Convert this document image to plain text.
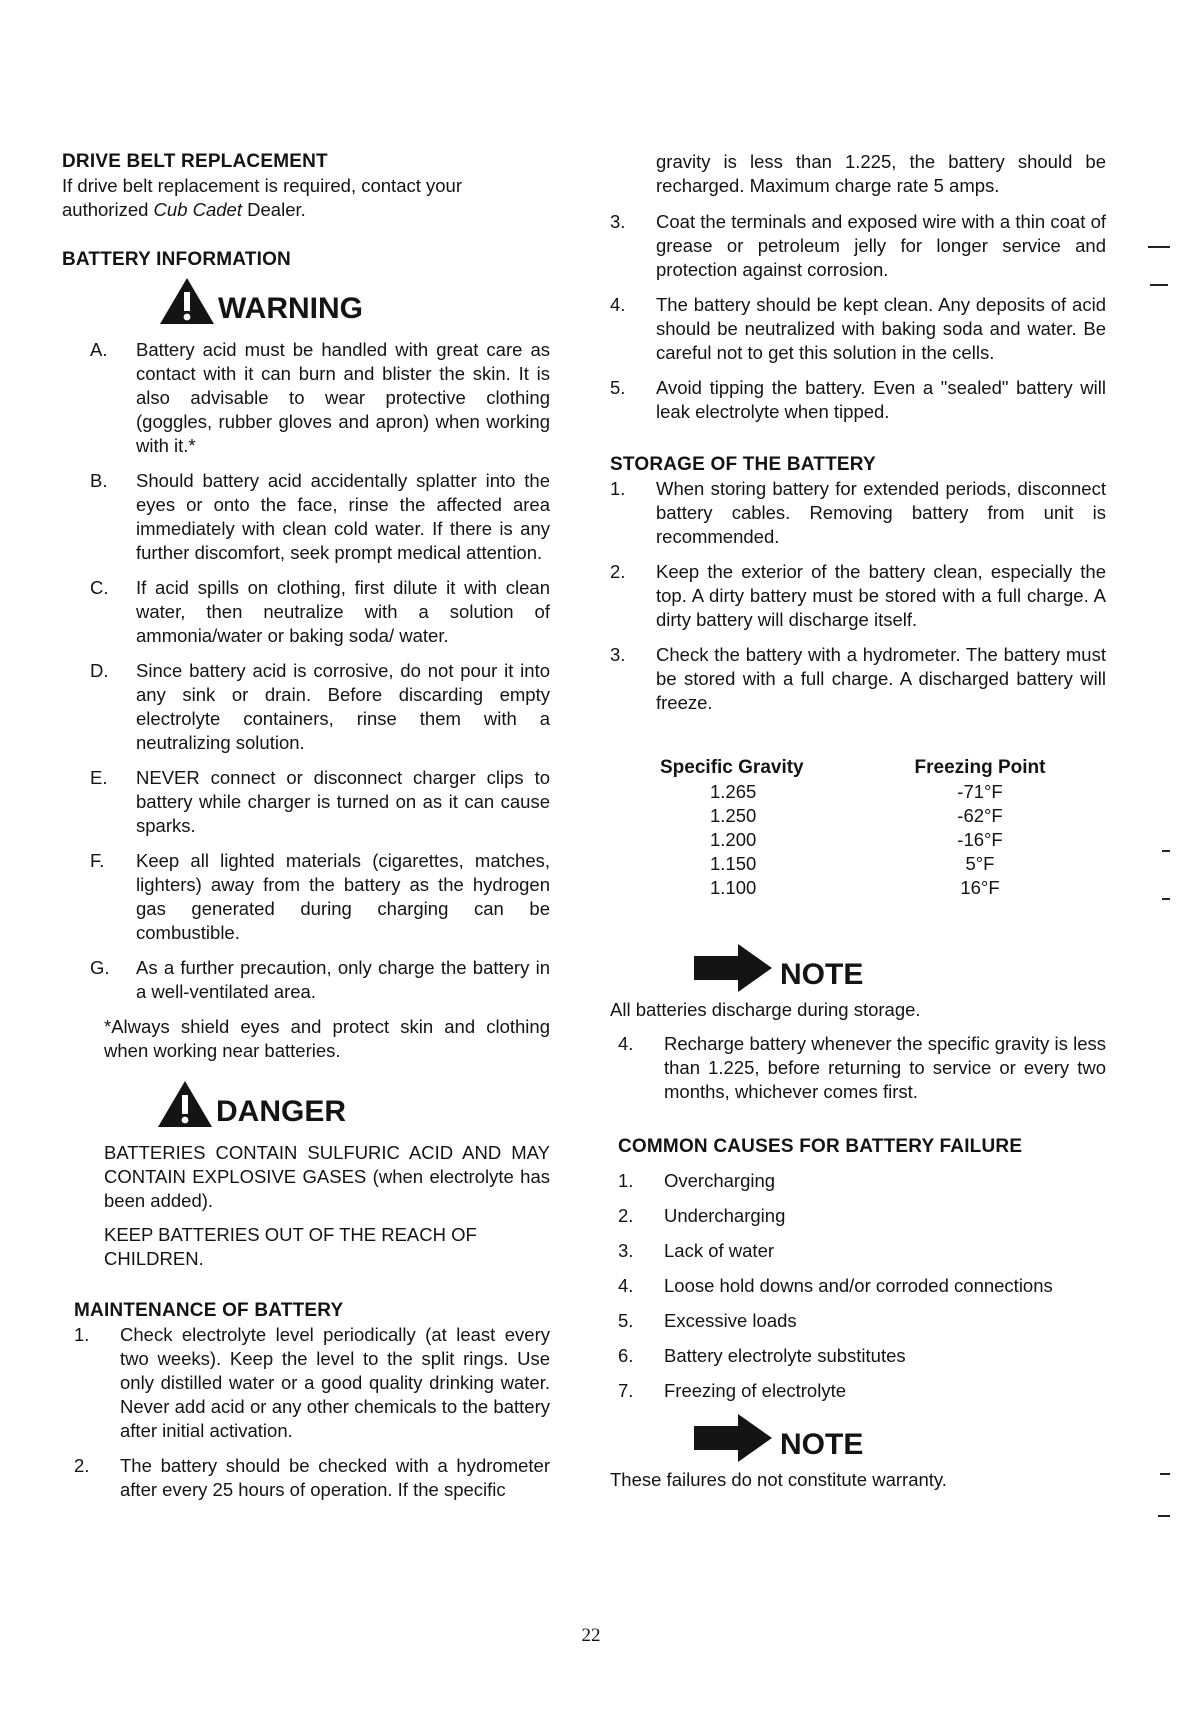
DRIVE BELT REPLACEMENT

If drive belt replacement is required, contact your authorized Cub Cadet Dealer.

BATTERY INFORMATION
WARNING
A.	Battery acid must be handled with great care as contact with it can burn and blister the skin. It is also advisable to wear protective clothing (goggles, rubber gloves and apron) when working with it.*
B.	Should battery acid accidentally splatter into the eyes or onto the face, rinse the affected area immediately with clean cold water. If there is any further discomfort, seek prompt medical attention.
C.	If acid spills on clothing, first dilute it with clean water, then neutralize with a solution of ammonia/water or baking soda/ water.
D.	Since battery acid is corrosive, do not pour it into any sink or drain. Before discarding empty electrolyte containers, rinse them with a neutralizing solution.
E.	NEVER connect or disconnect charger clips to battery while charger is turned on as it can cause sparks.
F.	Keep all lighted materials (cigarettes, matches, lighters) away from the battery as the hydrogen gas generated during charging can be combustible.
G.	As a further precaution, only charge the battery in a well-ventilated area.

*Always shield eyes and protect skin and clothing when working near batteries.

DANGER

BATTERIES CONTAIN SULFURIC ACID AND MAY CONTAIN EXPLOSIVE GASES (when electrolyte has been added).

KEEP BATTERIES OUT OF THE REACH OF CHILDREN.

MAINTENANCE OF BATTERY
1.	Check electrolyte level periodically (at least every two weeks). Keep the level to the split rings. Use only distilled water or a good quality drinking water. Never add acid or any other chemicals to the battery after initial activation.
2.	The battery should be checked with a hydrometer after every 25 hours of operation. If the specific

gravity is less than 1.225, the battery should be recharged. Maximum charge rate 5 amps.

3.	Coat the terminals and exposed wire with a thin coat of grease or petroleum jelly for longer service and protection against corrosion.
4.	The battery should be kept clean. Any deposits of acid should be neutralized with baking soda and water. Be careful not to get this solution in the cells.
5.	Avoid tipping the battery. Even a "sealed" battery will leak electrolyte when tipped.
STORAGE OF THE BATTERY
1.	When storing battery for extended periods, disconnect battery cables. Removing battery from unit is recommended.
2.	Keep the exterior of the battery clean, especially the top. A dirty battery must be stored with a full charge. A dirty battery will discharge itself.
3.	Check the battery with a hydrometer. The battery must be stored with a full charge. A discharged battery will freeze.
Specific Gravity	Freezing Point
1.265	-71°F
1.250	-62°F
1.200	-16°F
1.150	5°F
1.100	16°F
NOTE

All batteries discharge during storage.

4.	Recharge battery whenever the specific gravity is less than 1.225, before returning to service or every two months, whichever comes first.
COMMON CAUSES FOR BATTERY FAILURE
1.	Overcharging
2.	Undercharging
3.	Lack of water
4.	Loose hold downs and/or corroded connections
5.	Excessive loads
6.	Battery electrolyte substitutes
7.	Freezing of electrolyte
NOTE

These failures do not constitute warranty.

22
